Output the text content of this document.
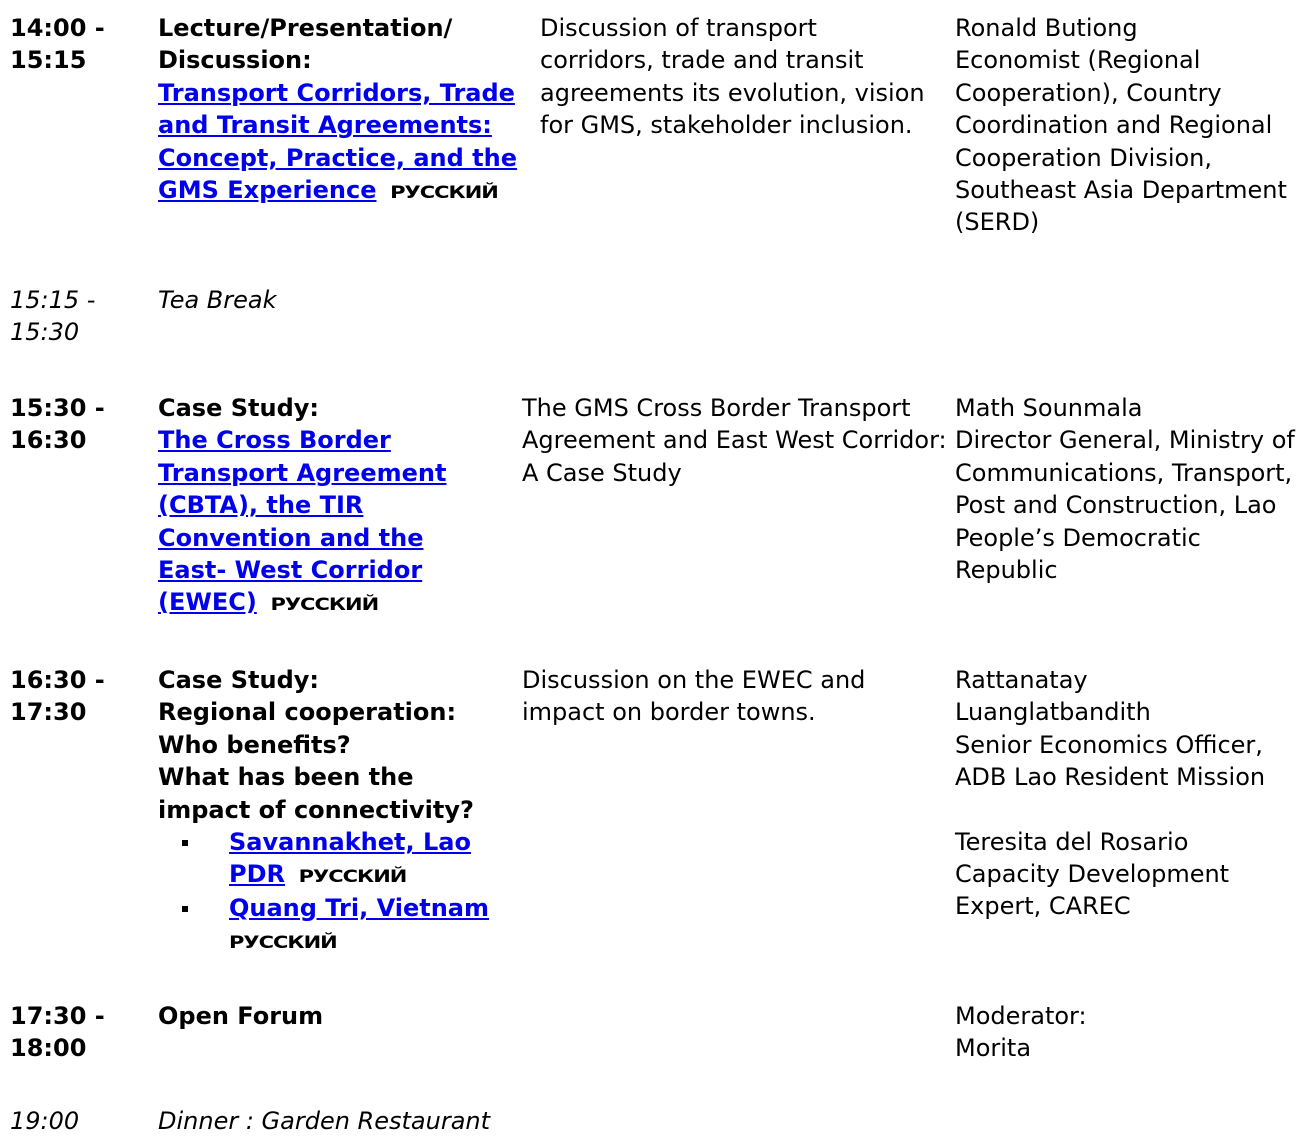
14:00 -
15:15
Lecture/Presentation/ Discussion:
Transport Corridors, Trade and Transit Agreements: Concept, Practice, and the GMS Experience РУССКИЙ
Discussion of transport corridors, trade and transit agreements its evolution, vision for GMS, stakeholder inclusion.
Ronald Butiong
Economist (Regional Cooperation), Country Coordination and Regional Cooperation Division, Southeast Asia Department (SERD)
15:15 -
15:30
Tea Break
15:30 -
16:30
Case Study:
The Cross Border Transport Agreement (CBTA), the TIR Convention and the East- West Corridor (EWEC) РУССКИЙ
The GMS Cross Border Transport Agreement and East West Corridor: A Case Study
Math Sounmala
Director General, Ministry of Communications, Transport, Post and Construction, Lao People’s Democratic Republic
16:30 -
17:30
Case Study:
Regional cooperation:
Who benefits?
What has been the impact of connectivity?
Savannakhet, Lao PDR РУССКИЙ
Quang Tri, Vietnam
РУССКИЙ
Discussion on the EWEC and impact on border towns.
Rattanatay Luanglatbandith
Senior Economics Officer, ADB Lao Resident Mission
Teresita del Rosario
Capacity Development Expert, CAREC
17:30 -
18:00
Open Forum	Moderator:
Morita
19:00	Dinner : Garden Restaurant
